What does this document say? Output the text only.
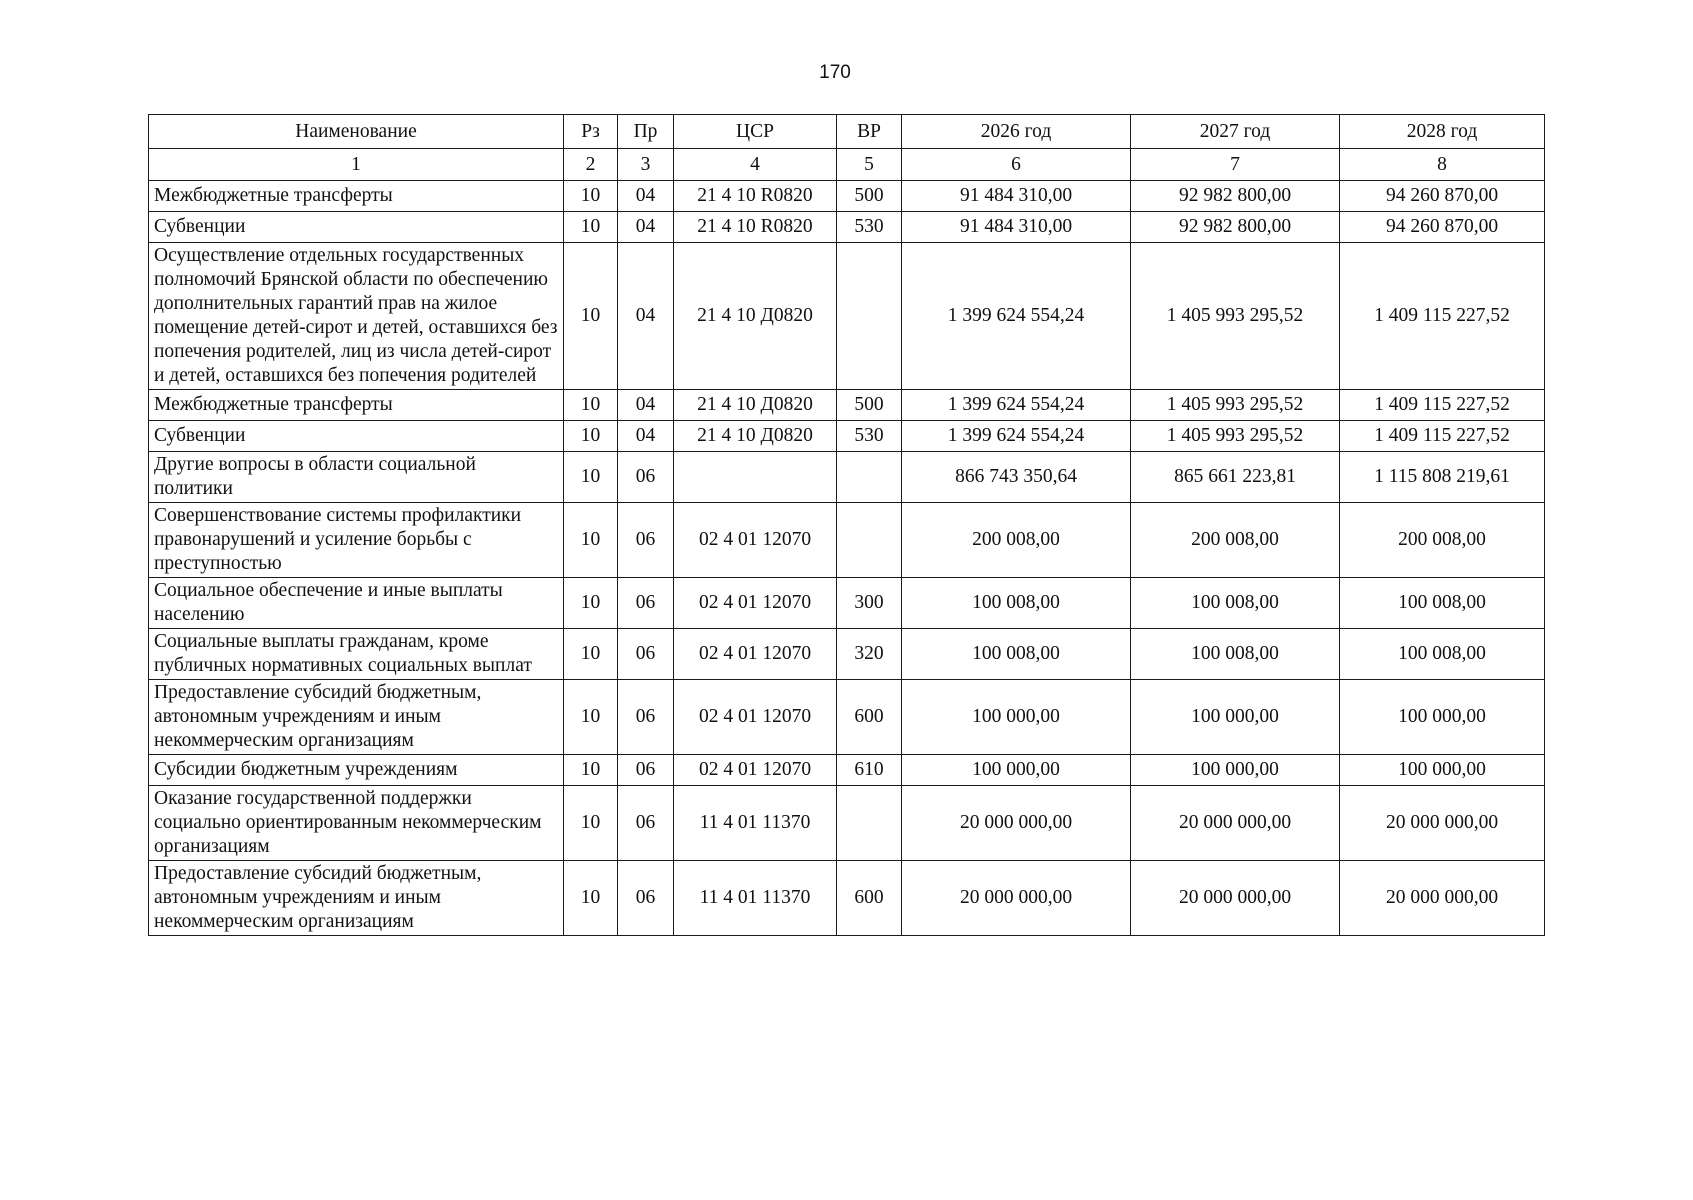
170
Наименование	Рз	Пр	ЦСР	ВР	2026 год	2027 год	2028 год
1	2	3	4	5	6	7	8
Межбюджетные трансферты	10	04	21 4 10 R0820	500	91 484 310,00	92 982 800,00	94 260 870,00
Субвенции	10	04	21 4 10 R0820	530	91 484 310,00	92 982 800,00	94 260 870,00
Осуществление отдельных государственных полномочий Брянской области по обеспечению дополнительных гарантий прав на жилое помещение детей-сирот и детей, оставшихся без попечения родителей, лиц из числа детей-сирот и детей, оставшихся без попечения родителей	10	04	21 4 10 Д0820		1 399 624 554,24	1 405 993 295,52	1 409 115 227,52
Межбюджетные трансферты	10	04	21 4 10 Д0820	500	1 399 624 554,24	1 405 993 295,52	1 409 115 227,52
Субвенции	10	04	21 4 10 Д0820	530	1 399 624 554,24	1 405 993 295,52	1 409 115 227,52
Другие вопросы в области социальной политики	10	06			866 743 350,64	865 661 223,81	1 115 808 219,61
Совершенствование системы профилактики правонарушений и усиление борьбы с преступностью	10	06	02 4 01 12070		200 008,00	200 008,00	200 008,00
Социальное обеспечение и иные выплаты населению	10	06	02 4 01 12070	300	100 008,00	100 008,00	100 008,00
Социальные выплаты гражданам, кроме публичных нормативных социальных выплат	10	06	02 4 01 12070	320	100 008,00	100 008,00	100 008,00
Предоставление субсидий бюджетным, автономным учреждениям и иным некоммерческим организациям	10	06	02 4 01 12070	600	100 000,00	100 000,00	100 000,00
Субсидии бюджетным учреждениям	10	06	02 4 01 12070	610	100 000,00	100 000,00	100 000,00
Оказание государственной поддержки социально ориентированным некоммерческим организациям	10	06	11 4 01 11370		20 000 000,00	20 000 000,00	20 000 000,00
Предоставление субсидий бюджетным, автономным учреждениям и иным некоммерческим организациям	10	06	11 4 01 11370	600	20 000 000,00	20 000 000,00	20 000 000,00
